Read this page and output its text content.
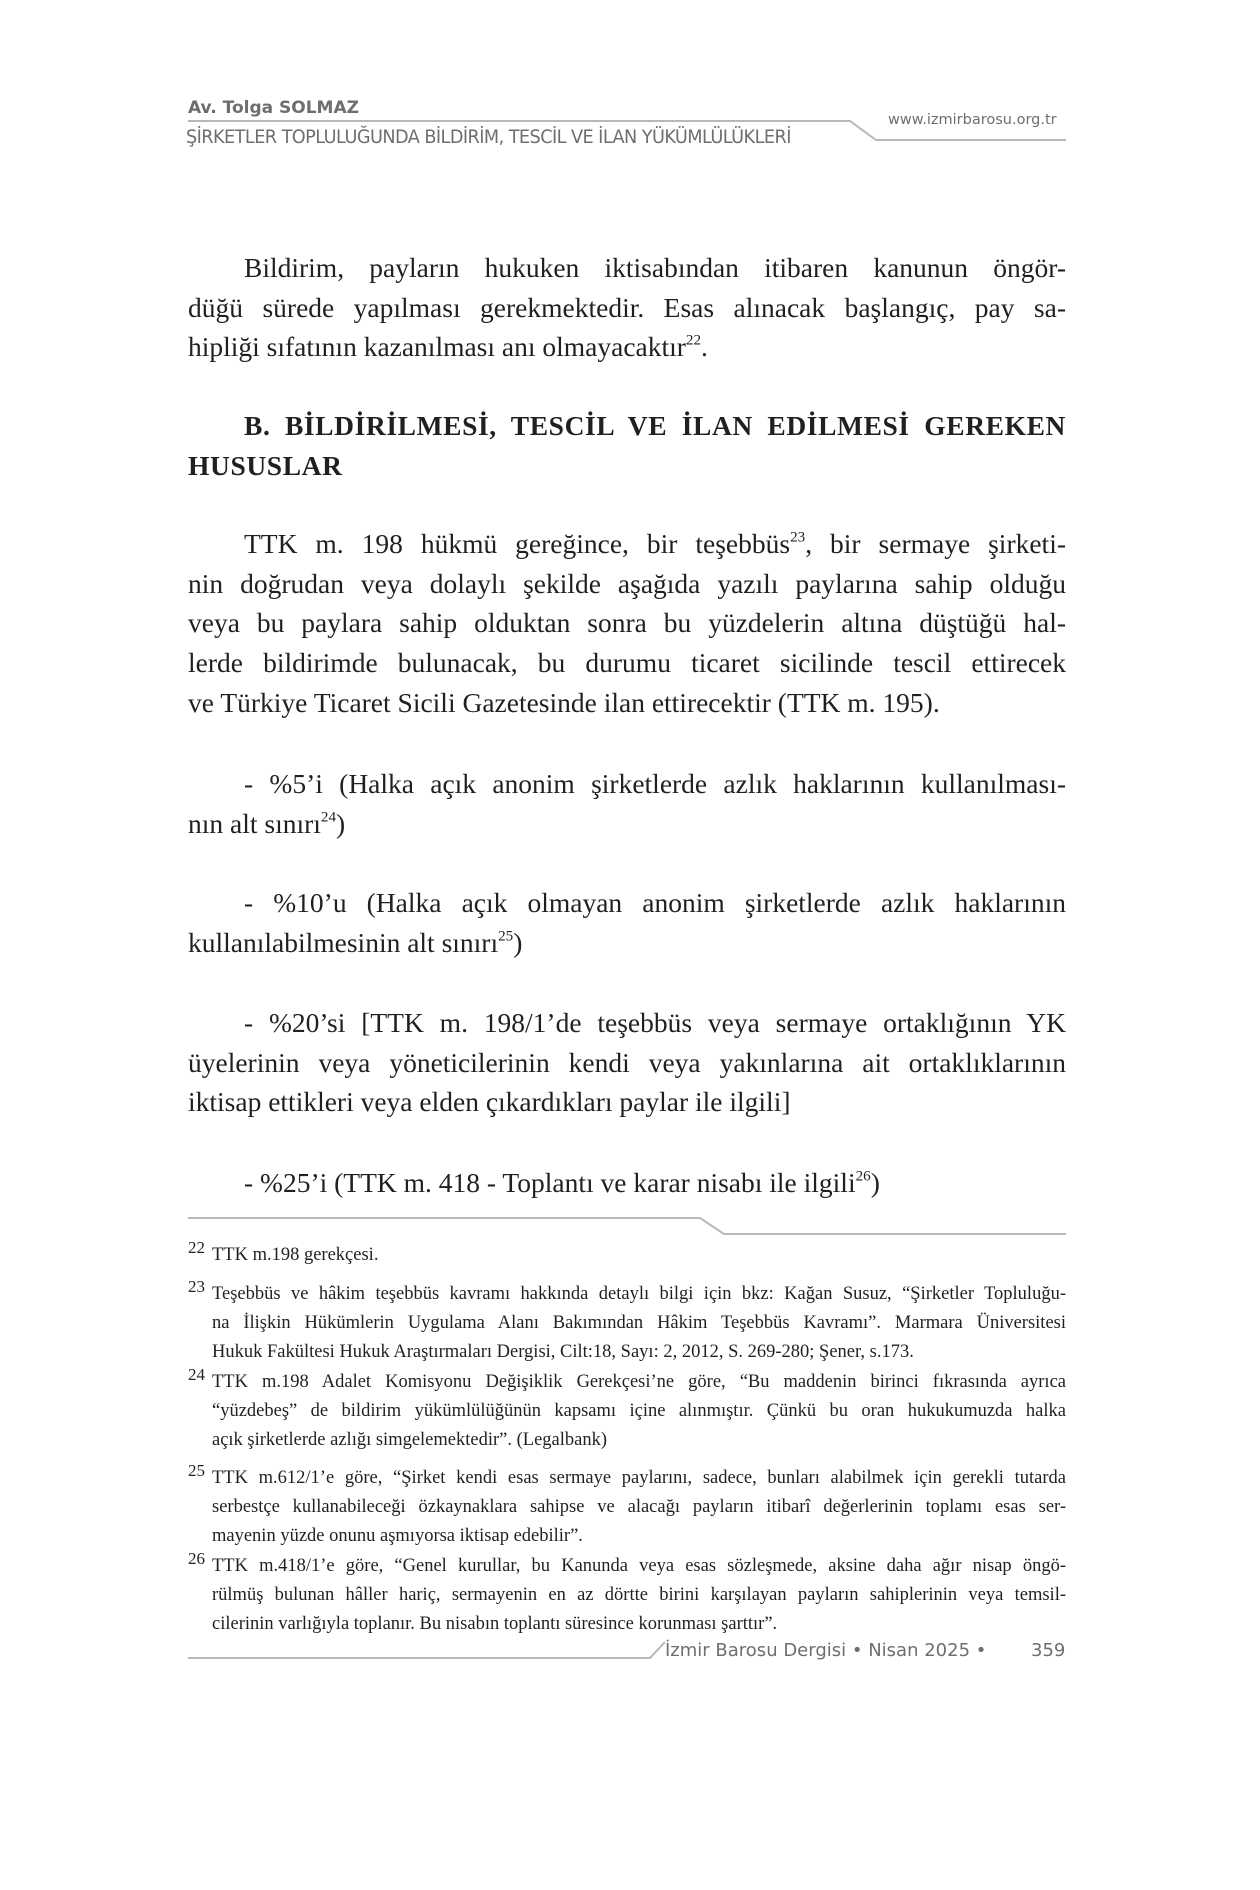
Av. Tolga SOLMAZ
ŞİRKETLER TOPLULUĞUNDA BİLDİRİM, TESCİL VE İLAN YÜKÜMLÜLÜKLERİ
www.izmirbarosu.org.tr
Bildirim, payların hukuken iktisabından itibaren kanunun öngör-
düğü sürede yapılması gerekmektedir. Esas alınacak başlangıç, pay sa-
hipliği sıfatının kazanılması anı olmayacaktır$^{22}$.
B. BİLDİRİLMESİ, TESCİL VE İLAN EDİLMESİ GEREKEN
HUSUSLAR
TTK m. 198 hükmü gereğince, bir teşebbüs$^{23}$, bir sermaye şirketi-
nin doğrudan veya dolaylı şekilde aşağıda yazılı paylarına sahip olduğu
veya bu paylara sahip olduktan sonra bu yüzdelerin altına düştüğü hal-
lerde bildirimde bulunacak, bu durumu ticaret sicilinde tescil ettirecek
ve Türkiye Ticaret Sicili Gazetesinde ilan ettirecektir (TTK m. 195).
- %5’i (Halka açık anonim şirketlerde azlık haklarının kullanılması-
nın alt sınırı$^{24}$)
- %10’u (Halka açık olmayan anonim şirketlerde azlık haklarının
kullanılabilmesinin alt sınırı$^{25}$)
- %20’si [TTK m. 198/1’de teşebbüs veya sermaye ortaklığının YK
üyelerinin veya yöneticilerinin kendi veya yakınlarına ait ortaklıklarının
iktisap ettikleri veya elden çıkardıkları paylar ile ilgili]
- %25’i (TTK m. 418 - Toplantı ve karar nisabı ile ilgili$^{26}$)
22 TTK m.198 gerekçesi.
23 Teşebbüs ve hâkim teşebbüs kavramı hakkında detaylı bilgi için bkz: Kağan Susuz, “Şirketler Topluluğu-
na İlişkin Hükümlerin Uygulama Alanı Bakımından Hâkim Teşebbüs Kavramı”. Marmara Üniversitesi
Hukuk Fakültesi Hukuk Araştırmaları Dergisi, Cilt:18, Sayı: 2, 2012, S. 269-280; Şener, s.173.
24 TTK m.198 Adalet Komisyonu Değişiklik Gerekçesi’ne göre, “Bu maddenin birinci fıkrasında ayrıca
“yüzdebeş” de bildirim yükümlülüğünün kapsamı içine alınmıştır. Çünkü bu oran hukukumuzda halka
açık şirketlerde azlığı simgelemektedir”. (Legalbank)
25 TTK m.612/1’e göre, “Şirket kendi esas sermaye paylarını, sadece, bunları alabilmek için gerekli tutarda
serbestçe kullanabileceği özkaynaklara sahipse ve alacağı payların itibarî değerlerinin toplamı esas ser-
mayenin yüzde onunu aşmıyorsa iktisap edebilir”.
26 TTK m.418/1’e göre, “Genel kurullar, bu Kanunda veya esas sözleşmede, aksine daha ağır nisap öngö-
rülmüş bulunan hâller hariç, sermayenin en az dörtte birini karşılayan payların sahiplerinin veya temsil-
cilerinin varlığıyla toplanır. Bu nisabın toplantı süresince korunması şarttır”.
İzmir Barosu Dergisi • Nisan 2025 • 359
